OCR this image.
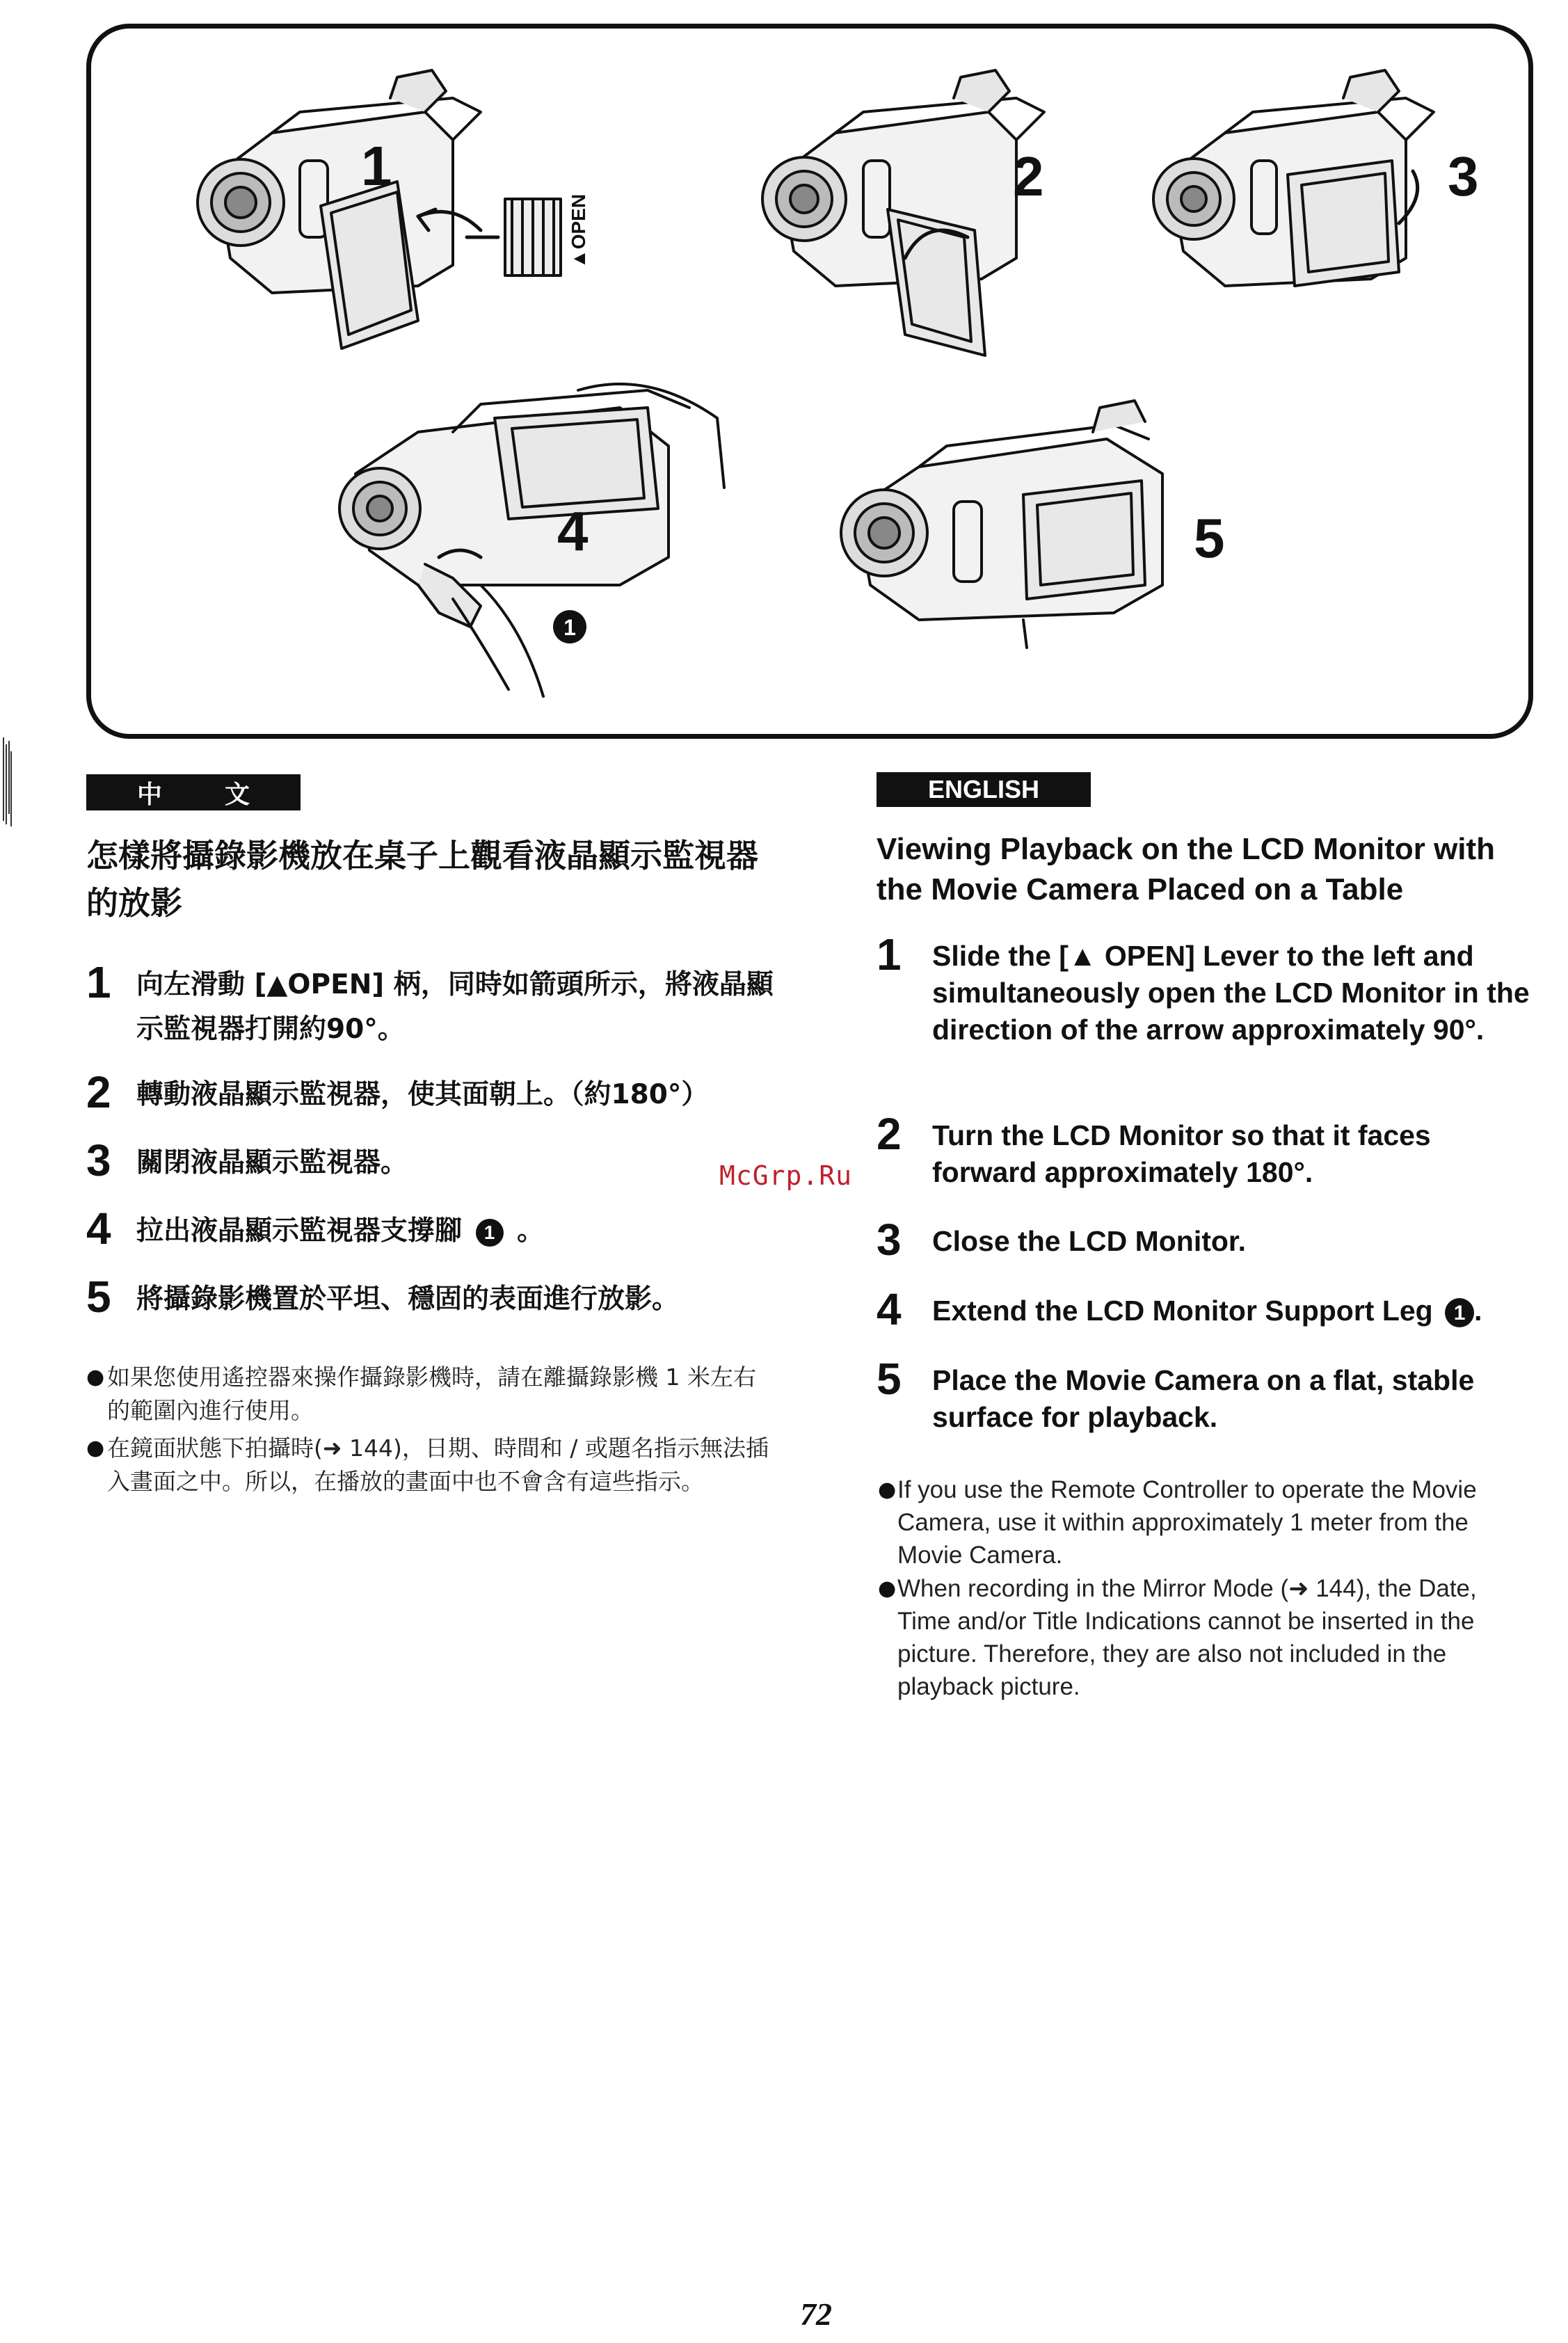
1	2	3
4	5
▲OPEN
1
中 文
怎樣將攝錄影機放在桌子上觀看液晶顯示監視器的放影
1 向左滑動 [▲OPEN] 柄，同時如箭頭所示，將液晶顯示監視器打開約90°。
2 轉動液晶顯示監視器，使其面朝上。（約180°）
3 關閉液晶顯示監視器。
4 拉出液晶顯示監視器支撐腳 1 。
5 將攝錄影機置於平坦、穩固的表面進行放影。
● 如果您使用遙控器來操作攝錄影機時，請在離攝錄影機 1 米左右的範圍內進行使用。
● 在鏡面狀態下拍攝時(➜ 144)，日期、時間和 / 或題名指示無法插入畫面之中。所以，在播放的畫面中也不會含有這些指示。
McGrp.Ru
ENGLISH
Viewing Playback on the LCD Monitor with the Movie Camera Placed on a Table
1	Slide the [▲ OPEN] Lever to the left and simultaneously open the LCD Monitor in the direction of the arrow approximately 90°.
2	Turn the LCD Monitor so that it faces forward approximately 180°.
3	Close the LCD Monitor.
4	Extend the LCD Monitor Support Leg 1 .
5	Place the Movie Camera on a flat, stable surface for playback.
● If you use the Remote Controller to operate the Movie Camera, use it within approximately 1 meter from the Movie Camera.
● When recording in the Mirror Mode (➜ 144), the Date, Time and/or Title Indications cannot be inserted in the picture. Therefore, they are also not included in the playback picture.
72
